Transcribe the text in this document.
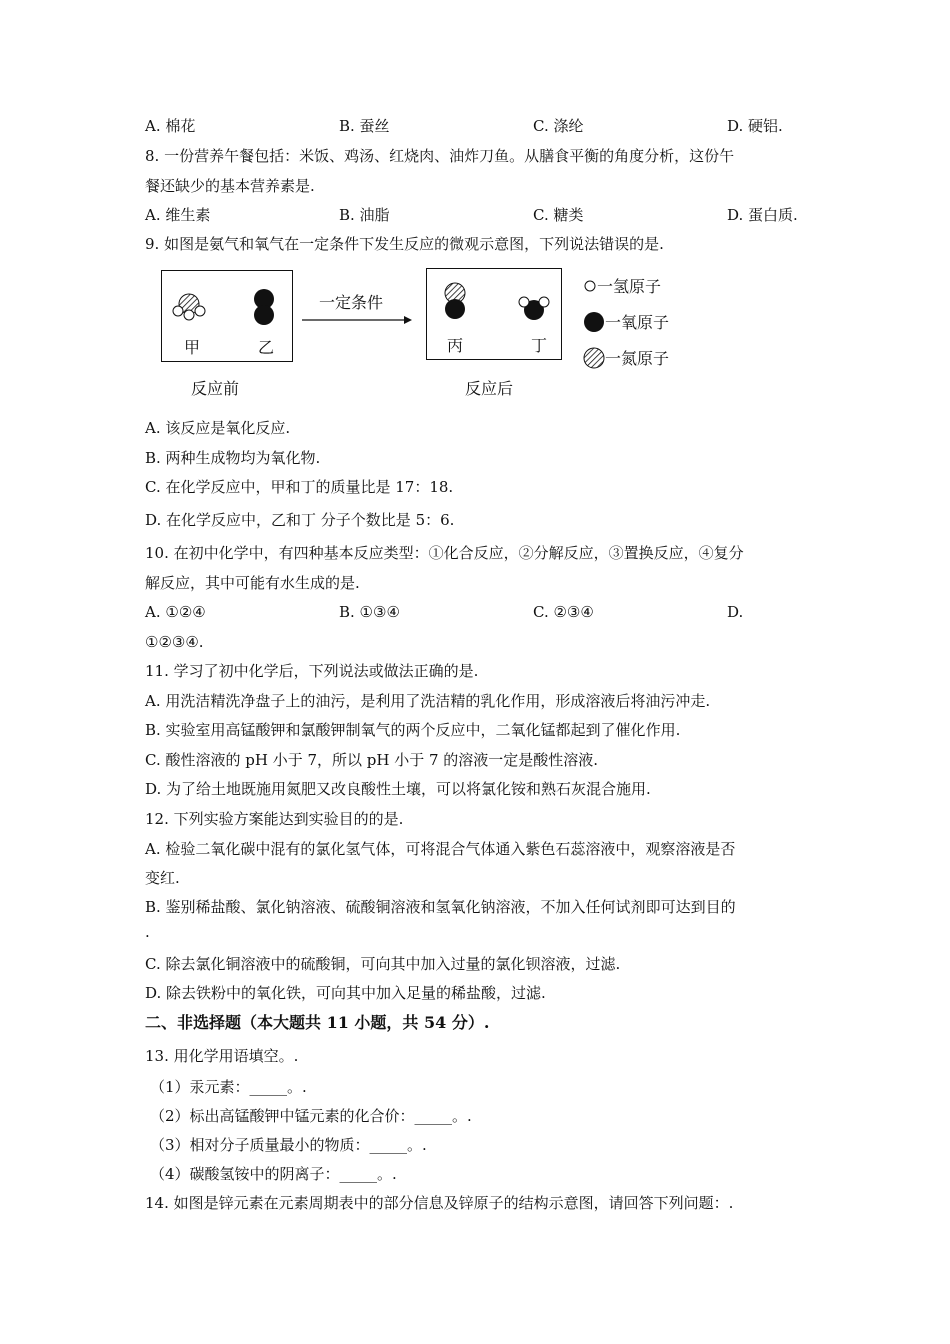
A. 棉花	B. 蚕丝	C. 涤纶	D. 硬铝.
8. 一份营养午餐包括：米饭、鸡汤、红烧肉、油炸刀鱼。从膳食平衡的角度分析，这份午
餐还缺少的基本营养素是.
A. 维生素	B. 油脂	C. 糖类	D. 蛋白质.
9. 如图是氨气和氧气在一定条件下发生反应的微观示意图，下列说法错误的是.
甲	乙
一定条件
丙	丁
反应前	反应后
一氢原子
一氧原子
一氮原子
A. 该反应是氧化反应.
B. 两种生成物均为氧化物.
C. 在化学反应中，甲和丁的质量比是 17：18.
D. 在化学反应中，乙和丁 分子个数比是 5：6.
10. 在初中化学中，有四种基本反应类型：①化合反应，②分解反应，③置换反应，④复分
解反应，其中可能有水生成的是.
A. ①②④	B. ①③④	C. ②③④	D.
①②③④.
11. 学习了初中化学后，下列说法或做法正确的是.
A. 用洗洁精洗净盘子上的油污，是利用了洗洁精的乳化作用，形成溶液后将油污冲走.
B. 实验室用高锰酸钾和氯酸钾制氧气的两个反应中，二氧化锰都起到了催化作用.
C. 酸性溶液的 pH 小于 7，所以 pH 小于 7 的溶液一定是酸性溶液.
D. 为了给土地既施用氮肥又改良酸性土壤，可以将氯化铵和熟石灰混合施用.
12. 下列实验方案能达到实验目的的是.
A. 检验二氧化碳中混有的氯化氢气体，可将混合气体通入紫色石蕊溶液中，观察溶液是否
变红.
B. 鉴别稀盐酸、氯化钠溶液、硫酸铜溶液和氢氧化钠溶液，不加入任何试剂即可达到目的
.
C. 除去氯化铜溶液中的硫酸铜，可向其中加入过量的氯化钡溶液，过滤.
D. 除去铁粉中的氧化铁，可向其中加入足量的稀盐酸，过滤.
二、非选择题（本大题共 11 小题，共 54 分）.
13. 用化学用语填空。.
（1）汞元素：_____。.
（2）标出高锰酸钾中锰元素的化合价：_____。.
（3）相对分子质量最小的物质：_____。.
（4）碳酸氢铵中的阴离子：_____。.
14. 如图是锌元素在元素周期表中的部分信息及锌原子的结构示意图，请回答下列问题：.
